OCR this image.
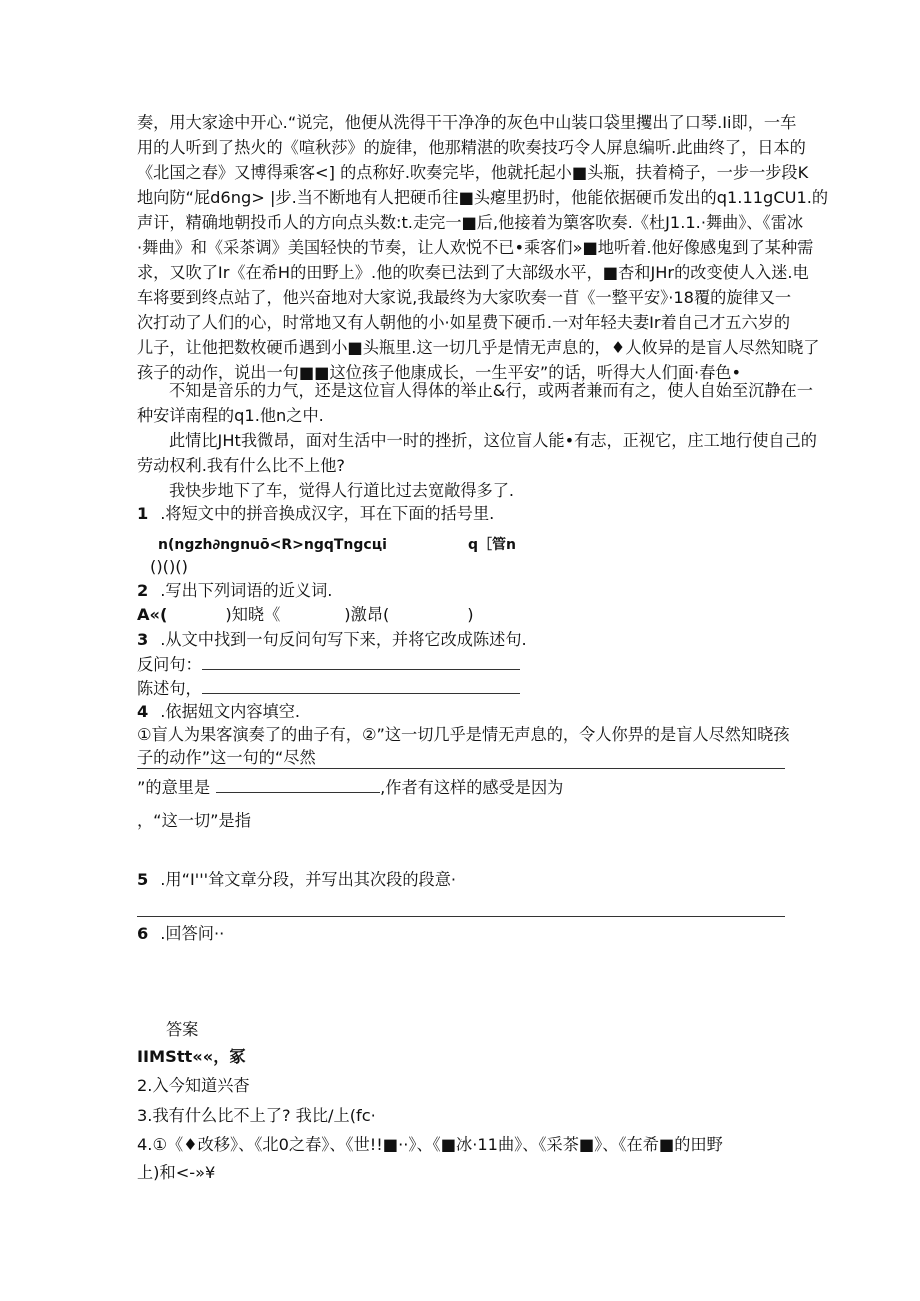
奏，用大家途中开心.“说完，他便从洗得干干净净的灰色中山装口袋里攫出了口琴.Ii即，一车
用的人听到了热火的《喧秋莎》的旋律，他那精湛的吹奏技巧令人屏息编听.此曲终了，日本的
《北国之春》又博得乘客<] 的点称好.吹奏完毕，他就托起小■头瓶，扶着椅子，一步一步段K
地向防“屁d6ng> |步.当不断地有人把硬币往■头瘪里扔时，他能依据硬币发出的q1.11gCU1.的
声讦，精确地朝投币人的方向点头数:t.走完一■后,他接着为篥客吹奏.《杜J1.1.·舞曲》、《雷冰
·舞曲》和《采茶调》美国轻快的节奏，让人欢悦不已•乘客们»■地听着.他好像感鬼到了某种需
求，又吹了Ir《在希H的田野上》.他的吹奏已法到了大部级水平，■杏和JHr的改变使人入迷.电
车将要到终点站了，他兴奋地对大家说,我最终为大家吹奏一苜《一整平安》·18覆的旋律又一
次打动了人们的心，时常地又有人朝他的小·如星费下硬币.一对年轻夫妻Ir着自己才五六岁的
儿子，让他把数枚硬币遇到小■头瓶里.这一切几乎是情无声息的，♦人攸异的是盲人尽然知晓了
孩子的动作，说出一句■■这位孩子他康成长，一生平安”的话，听得大人们面·春色•
不知是音乐的力气，还是这位盲人得体的举止&行，或两者兼而有之，使人自始至沉静在一
种安详南程的q1.他n之中.
此情比JHt我微昂，面对生活中一时的挫折，这位盲人能•有志，正视它，庄工地行使自己的
劳动权利.我有什么比不上他?
我快步地下了车，觉得人行道比过去宽敞得多了.
1 .将短文中的拼音换成汉字，耳在下面的括号里.
n(ngzh∂ngnuō<R>ngqTngcцi	q［管n
()()()
2 .写出下列词语的近义词.
A«(	)知晓《	)激昂(	)
3 .从文中找到一句反问句写下来，并将它改成陈述句.
反问句：
陈述句，
4 .依据妞文内容填空.
①盲人为果客演奏了的曲子有，②”这一切几乎是情无声息的，令人你畀的是盲人尽然知晓孩
子的动作”这一句的“尽然
”的意里是	,作者有这样的感受是因为
，“这一切”是指
5 .用“I'''耸文章分段，并写出其次段的段意·
6 .回答问··
答案
IIMStt««，冢
2.入今知道兴杳
3.我有什么比不上了? 我比/上(fc·
4.①《♦改移》、《北0之春》、《世!!■··》、《■冰·11曲》、《采茶■》、《在希■的田野
上)和<-»¥
